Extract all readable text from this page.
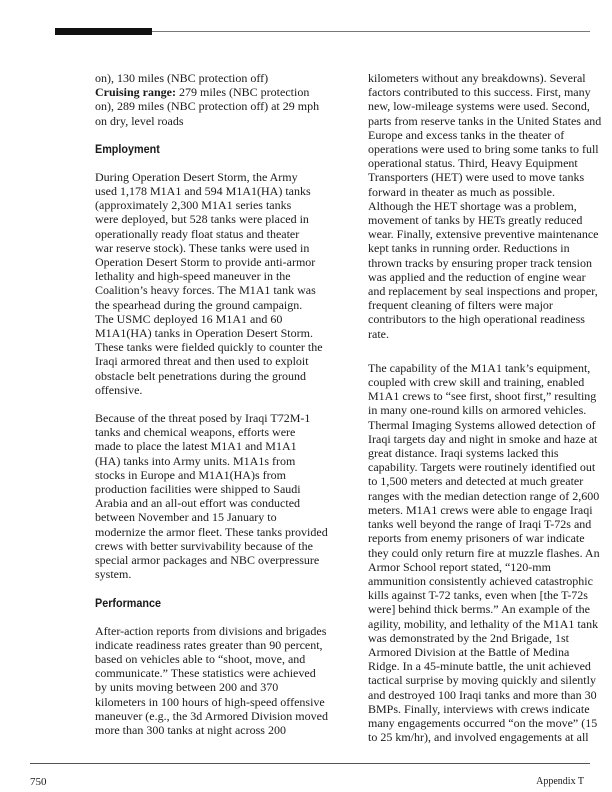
on), 130 miles (NBC protection off)
Cruising range: 279 miles (NBC protection
on), 289 miles (NBC protection off) at 29 mph
on dry, level roads
Employment
During Operation Desert Storm, the Army
used 1,178 M1A1 and 594 M1A1(HA) tanks
(approximately 2,300 M1A1 series tanks
were deployed, but 528 tanks were placed in
operationally ready float status and theater
war reserve stock). These tanks were used in
Operation Desert Storm to provide anti-armor
lethality and high-speed maneuver in the
Coalition’s heavy forces. The M1A1 tank was
the spearhead during the ground campaign.
The USMC deployed 16 M1A1 and 60
M1A1(HA) tanks in Operation Desert Storm.
These tanks were fielded quickly to counter the
Iraqi armored threat and then used to exploit
obstacle belt penetrations during the ground
offensive.
Because of the threat posed by Iraqi T72M-1
tanks and chemical weapons, efforts were
made to place the latest M1A1 and M1A1
(HA) tanks into Army units. M1A1s from
stocks in Europe and M1A1(HA)s from
production facilities were shipped to Saudi
Arabia and an all-out effort was conducted
between November and 15 January to
modernize the armor fleet. These tanks provided
crews with better survivability because of the
special armor packages and NBC overpressure
system.
Performance
After-action reports from divisions and brigades
indicate readiness rates greater than 90 percent,
based on vehicles able to “shoot, move, and
communicate.” These statistics were achieved
by units moving between 200 and 370
kilometers in 100 hours of high-speed offensive
maneuver (e.g., the 3d Armored Division moved
more than 300 tanks at night across 200
kilometers without any breakdowns). Several
factors contributed to this success. First, many
new, low-mileage systems were used. Second,
parts from reserve tanks in the United States and
Europe and excess tanks in the theater of
operations were used to bring some tanks to full
operational status. Third, Heavy Equipment
Transporters (HET) were used to move tanks
forward in theater as much as possible.
Although the HET shortage was a problem,
movement of tanks by HETs greatly reduced
wear. Finally, extensive preventive maintenance
kept tanks in running order. Reductions in
thrown tracks by ensuring proper track tension
was applied and the reduction of engine wear
and replacement by seal inspections and proper,
frequent cleaning of filters were major
contributors to the high operational readiness
rate.
The capability of the M1A1 tank’s equipment,
coupled with crew skill and training, enabled
M1A1 crews to “see first, shoot first,” resulting
in many one-round kills on armored vehicles.
Thermal Imaging Systems allowed detection of
Iraqi targets day and night in smoke and haze at
great distance. Iraqi systems lacked this
capability. Targets were routinely identified out
to 1,500 meters and detected at much greater
ranges with the median detection range of 2,600
meters. M1A1 crews were able to engage Iraqi
tanks well beyond the range of Iraqi T-72s and
reports from enemy prisoners of war indicate
they could only return fire at muzzle flashes. An
Armor School report stated, “120-mm
ammunition consistently achieved catastrophic
kills against T-72 tanks, even when [the T-72s
were] behind thick berms.” An example of the
agility, mobility, and lethality of the M1A1 tank
was demonstrated by the 2nd Brigade, 1st
Armored Division at the Battle of Medina
Ridge. In a 45-minute battle, the unit achieved
tactical surprise by moving quickly and silently
and destroyed 100 Iraqi tanks and more than 30
BMPs. Finally, interviews with crews indicate
many engagements occurred “on the move” (15
to 25 km/hr), and involved engagements at all
750	Appendix T
